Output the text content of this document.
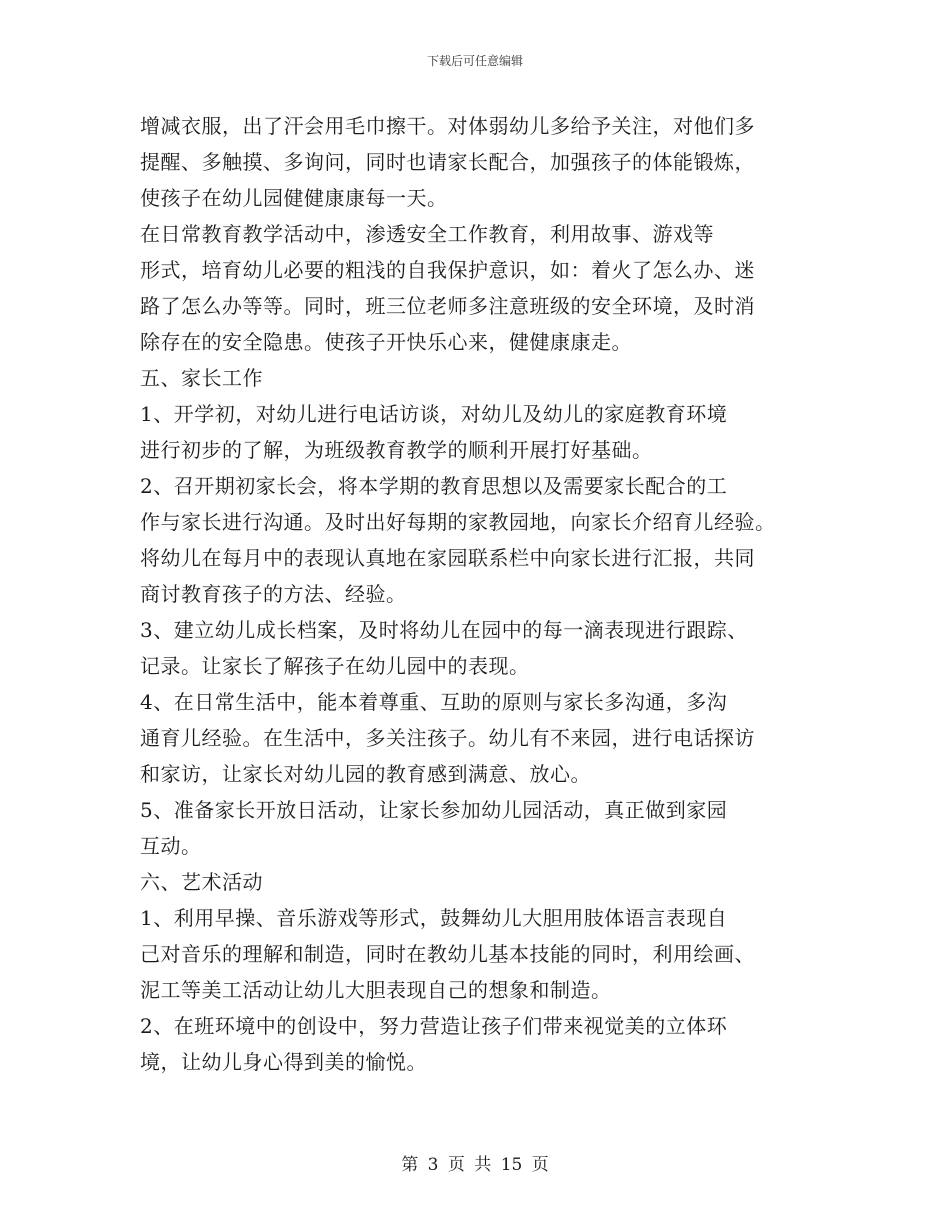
下载后可任意编辑

增减衣服，出了汗会用毛巾擦干。对体弱幼儿多给予关注，对他们多

提醒、多触摸、多询问，同时也请家长配合，加强孩子的体能锻炼，

使孩子在幼儿园健健康康每一天。

在日常教育教学活动中，渗透安全工作教育，利用故事、游戏等

形式，培育幼儿必要的粗浅的自我保护意识，如：着火了怎么办、迷

路了怎么办等等。同时，班三位老师多注意班级的安全环境，及时消

除存在的安全隐患。使孩子开快乐心来，健健康康走。

五、家长工作

1、开学初，对幼儿进行电话访谈，对幼儿及幼儿的家庭教育环境

进行初步的了解，为班级教育教学的顺利开展打好基础。

2、召开期初家长会，将本学期的教育思想以及需要家长配合的工

作与家长进行沟通。及时出好每期的家教园地，向家长介绍育儿经验。

将幼儿在每月中的表现认真地在家园联系栏中向家长进行汇报，共同

商讨教育孩子的方法、经验。

3、建立幼儿成长档案，及时将幼儿在园中的每一滴表现进行跟踪、

记录。让家长了解孩子在幼儿园中的表现。

4、在日常生活中，能本着尊重、互助的原则与家长多沟通，多沟

通育儿经验。在生活中，多关注孩子。幼儿有不来园，进行电话探访

和家访，让家长对幼儿园的教育感到满意、放心。

5、准备家长开放日活动，让家长参加幼儿园活动，真正做到家园

互动。

六、艺术活动

1、利用早操、音乐游戏等形式，鼓舞幼儿大胆用肢体语言表现自

己对音乐的理解和制造，同时在教幼儿基本技能的同时，利用绘画、

泥工等美工活动让幼儿大胆表现自己的想象和制造。

2、在班环境中的创设中，努力营造让孩子们带来视觉美的立体环

境，让幼儿身心得到美的愉悦。

第 3 页 共 15 页
